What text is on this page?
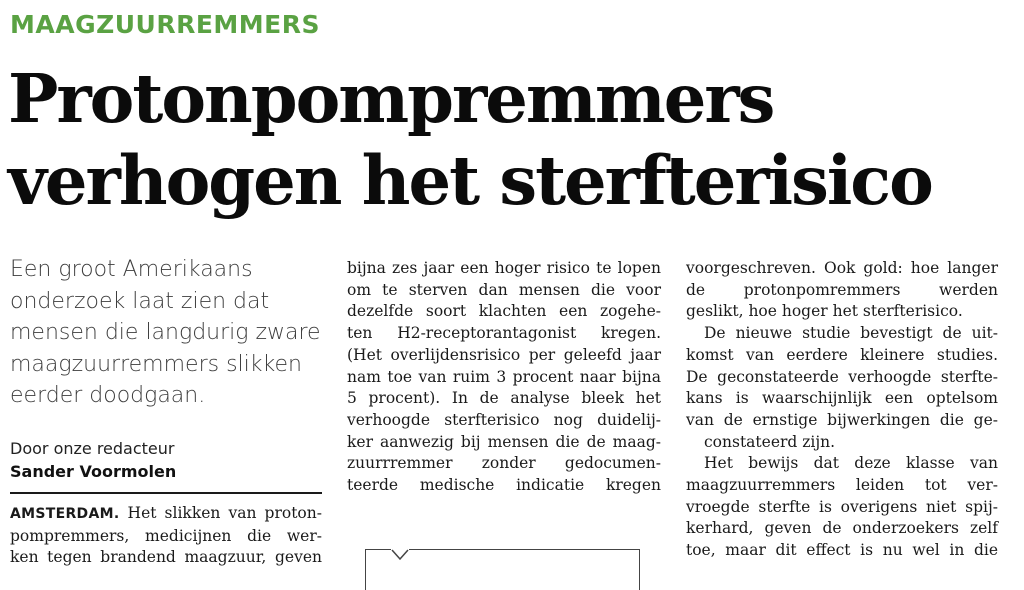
MAAGZUURREMMERS
Protonpompremmers
verhogen het sterfterisico
Een groot Amerikaans
onderzoek laat zien dat
mensen die langdurig zware
maagzuurremmers slikken
eerder doodgaan.
Door onze redacteur
Sander Voormolen
AMSTERDAM. Het slikken van proton-
pompremmers, medicijnen die wer-
ken tegen brandend maagzuur, geven
bijna zes jaar een hoger risico te lopen
om te sterven dan mensen die voor
dezelfde soort klachten een zogehe-
ten H2-receptorantagonist kregen.
(Het overlijdensrisico per geleefd jaar
nam toe van ruim 3 procent naar bijna
5 procent). In de analyse bleek het
verhoogde sterfterisico nog duidelij-
ker aanwezig bij mensen die de maag-
zuurrremmer zonder gedocumen-
teerde medische indicatie kregen
voorgeschreven. Ook gold: hoe langer
de protonpomremmers werden
geslikt, hoe hoger het sterfterisico.
De nieuwe studie bevestigt de uit-
komst van eerdere kleinere studies.
De geconstateerde verhoogde sterfte-
kans is waarschijnlijk een optelsom
van de ernstige bijwerkingen die ge-
constateerd zijn.
Het bewijs dat deze klasse van
maagzuurremmers leiden tot ver-
vroegde sterfte is overigens niet spij-
kerhard, geven de onderzoekers zelf
toe, maar dit effect is nu wel in die
